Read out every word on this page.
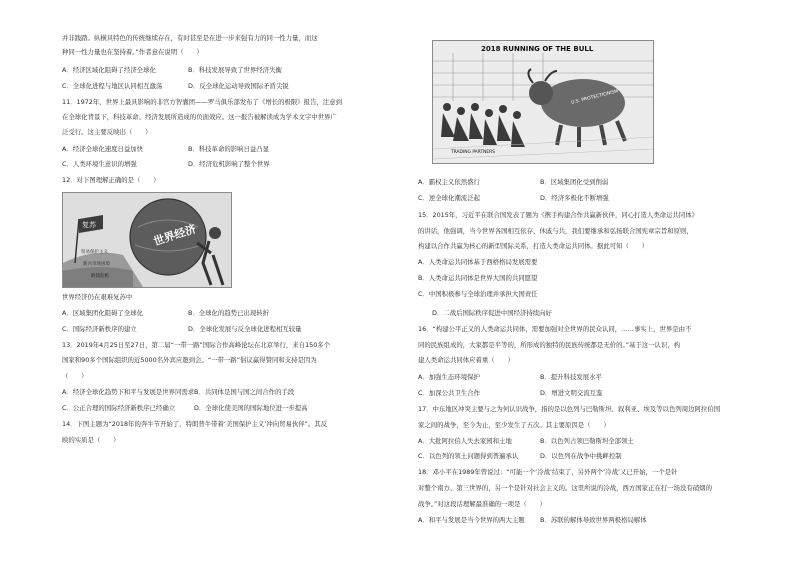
并非践踏。纵横具特色的传统继续存在，有时甚至是在进一步来强有力的同一性力量，而这
种同一性力量也在坚持着。”作者意在说明（　　）
A．经济区域化阻碍了经济全球化	B．科技发展导致了世界经济失衡
C．全球化进程与地区认同相互激荡	D．反全球化运动导致国际矛盾尖锐
11．1972年，世界上最具影响的非官方智囊团——罗马俱乐部发布了《增长的极限》报告，注意到
在全球化背景下，科技革命、经济发展所造成的负面效应。这一报告被解读成为学术文字中世界广
泛受行。这主要反映出（　　）
A．经济全球化速度日益加快	B．科技革命的影响日益凸显
C．人类环境生意识的增强	D．经济危机影响了整个世界
12．对下图理解正确的是（　　）
复苏	世界经济
贸易保护主义
新兴市场困境
欧债危机
世界经济仍在艰难复苏中
A．区域集团化阻碍了全球化	B．全球化的趋势已出现转折
C．国际经济新秩序的建立	D．全球化发展与反全球化进程相互较量
13．2019年4月25日至27日，第二届“一带一路”国际合作高峰论坛在北京举行，来自150多个
国家和90多个国际组织的近5000名外宾应邀到会。“一带一路”倡议赢得赞同和支持是因为
（　　）
A．经济全球化趋势下和平与发展是世界同需求 B．共同体是国与国之间合作的手段
C．公正合理的国际经济新秩序已经确立	D．全球化使美国的国际地位进一步提高
14．下图主题为“2018年的奔牛节开始了，特朗普牛带着‘美国保护主义’冲向贸易伙伴”。其反
映的实质是（　　）
2018 RUNNING OF THE BULL
U.S. PROTECTIONISM
TRADING PARTNERS
A．霸权主义依然盛行	B．区域集团化受到削弱
C．逆全球化潮流泛起	D．经济多极化不断增强
15．2015年，习近平在联合国发表了题为《携手构建合作共赢新伙伴，同心打造人类命运共同体》
的讲话，他强调，当今世界各国相互依存、休戚与共，我们要继承和弘扬联合国宪章宗旨和原则，
构建以合作共赢为核心的新型国际关系，打造人类命运共同体。据此可知（　　）
A．人类命运共同体基于西格格局发展需要
B．人类命运共同体是世界大国的共同愿望
C．中国积极参与全球治理并承担大国责任
D．二战后国际秩序促进中国经济持续向好
16．“构建公平正义的人类命运共同体，需要加强对全世界的民众认同，……事实上，世界是由不
同的民族组成的，大家都是平等的，所形成的独特的民族传统都是无价的。”基于这一认识，构
建人类命运共同体应着重（　　）
A．加强生态环境保护	B．提升科技发展水平
C．加深公共卫生合作	D．增进文明交流互鉴
17．中东地区冲突主要与之为何认识战争，指的是以色列与巴勒斯坦、叙利亚、埃及等以色列周边阿拉伯国
家之间的战争，至今为止，至少发生了五次。其主要原因是（　　）
A．大批阿拉伯人失去家园和土地	B．以色列占领巴勒斯坦全部领土
C．以色列的领土问题得到普遍承认	D．以色列在战争中挑衅控制
18．邓小平在1989年曾说过：“可能一个‘冷战’结束了，另外两个‘冷战’又已开始，一个是针
对整个南方、第三世界的，另一个是针对社会主义的。这里所说的冷战，西方国家正在打一场没有硝烟的
战争。”对这段话理解最准确的一项是（　　）
A．和平与发展是当今世界的两大主题 B．苏联的解体导致世界两极格局解体
